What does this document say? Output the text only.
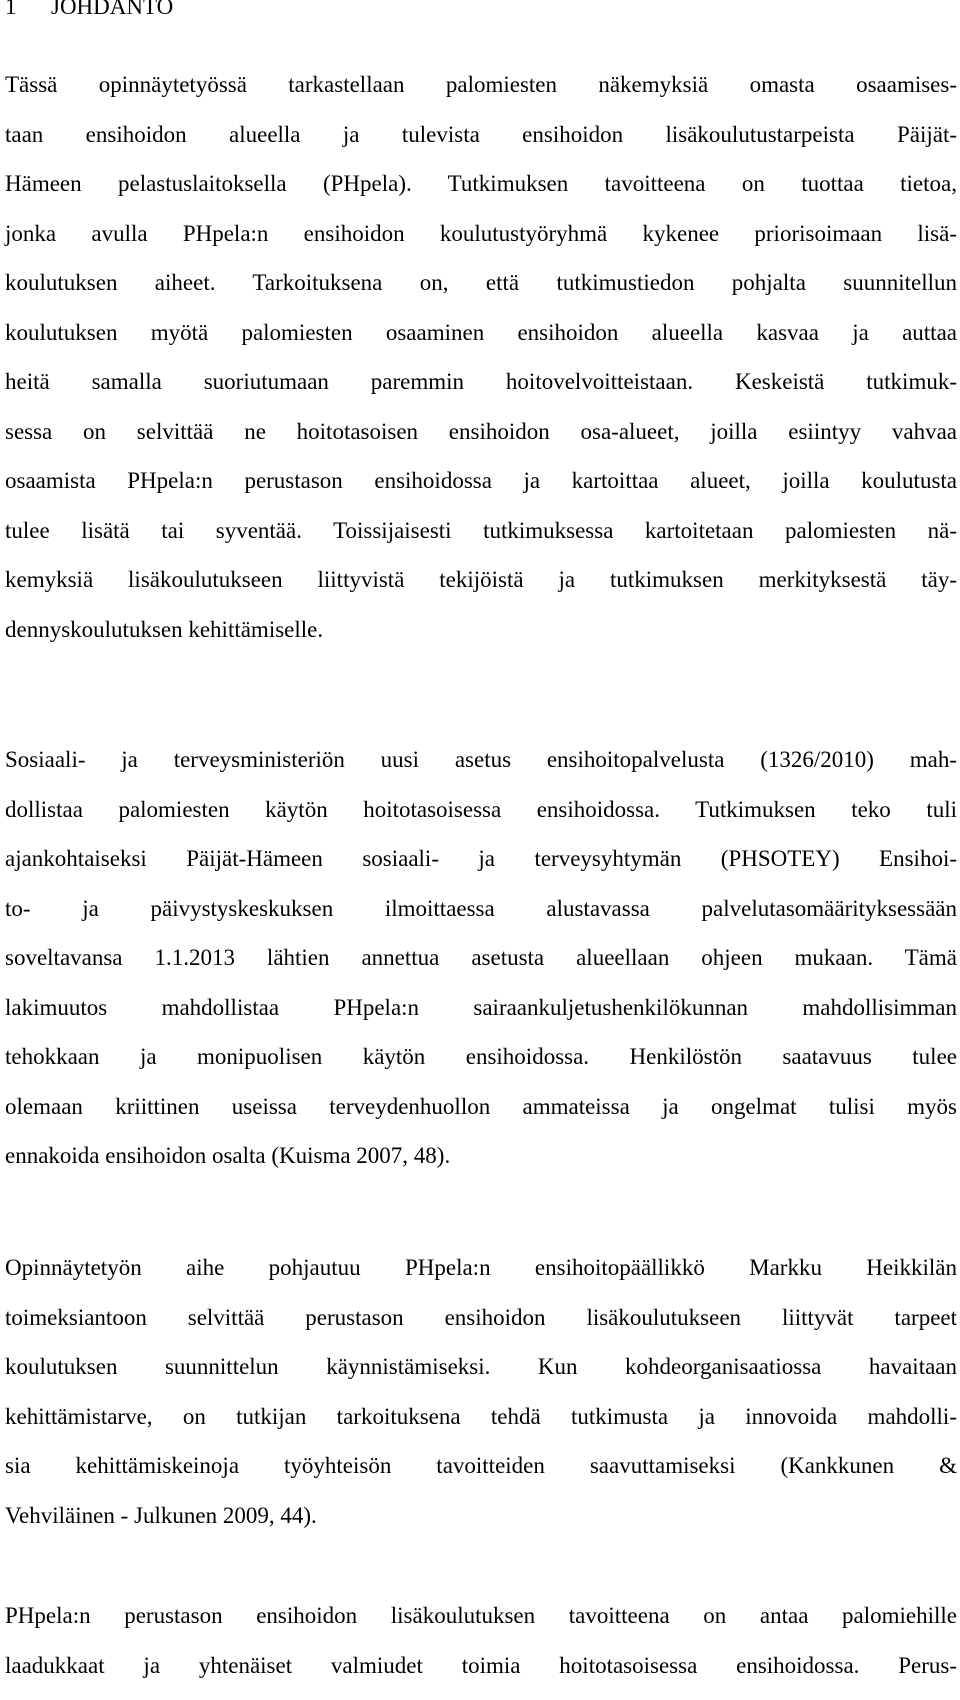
1 JOHDANTO
Tässä opinnäytetyössä tarkastellaan palomiesten näkemyksiä omasta osaamises-
taan ensihoidon alueella ja tulevista ensihoidon lisäkoulutustarpeista Päijät-
Hämeen pelastuslaitoksella (PHpela). Tutkimuksen tavoitteena on tuottaa tietoa,
jonka avulla PHpela:n ensihoidon koulutustyöryhmä kykenee priorisoimaan lisä-
koulutuksen aiheet. Tarkoituksena on, että tutkimustiedon pohjalta suunnitellun
koulutuksen myötä palomiesten osaaminen ensihoidon alueella kasvaa ja auttaa
heitä samalla suoriutumaan paremmin hoitovelvoitteistaan. Keskeistä tutkimuk-
sessa on selvittää ne hoitotasoisen ensihoidon osa-alueet, joilla esiintyy vahvaa
osaamista PHpela:n perustason ensihoidossa ja kartoittaa alueet, joilla koulutusta
tulee lisätä tai syventää. Toissijaisesti tutkimuksessa kartoitetaan palomiesten nä-
kemyksiä lisäkoulutukseen liittyvistä tekijöistä ja tutkimuksen merkityksestä täy-
dennyskoulutuksen kehittämiselle.
Sosiaali- ja terveysministeriön uusi asetus ensihoitopalvelusta (1326/2010) mah-
dollistaa palomiesten käytön hoitotasoisessa ensihoidossa. Tutkimuksen teko tuli
ajankohtaiseksi Päijät-Hämeen sosiaali- ja terveysyhtymän (PHSOTEY) Ensihoi-
to- ja päivystyskeskuksen ilmoittaessa alustavassa palvelutasomäärityksessään
soveltavansa 1.1.2013 lähtien annettua asetusta alueellaan ohjeen mukaan. Tämä
lakimuutos mahdollistaa PHpela:n sairaankuljetushenkilökunnan mahdollisimman
tehokkaan ja monipuolisen käytön ensihoidossa. Henkilöstön saatavuus tulee
olemaan kriittinen useissa terveydenhuollon ammateissa ja ongelmat tulisi myös
ennakoida ensihoidon osalta (Kuisma 2007, 48).
Opinnäytetyön aihe pohjautuu PHpela:n ensihoitopäällikkö Markku Heikkilän
toimeksiantoon selvittää perustason ensihoidon lisäkoulutukseen liittyvät tarpeet
koulutuksen suunnittelun käynnistämiseksi. Kun kohdeorganisaatiossa havaitaan
kehittämistarve, on tutkijan tarkoituksena tehdä tutkimusta ja innovoida mahdolli-
sia kehittämiskeinoja työyhteisön tavoitteiden saavuttamiseksi (Kankkunen &
Vehviläinen - Julkunen 2009, 44).
PHpela:n perustason ensihoidon lisäkoulutuksen tavoitteena on antaa palomiehille
laadukkaat ja yhtenäiset valmiudet toimia hoitotasoisessa ensihoidossa. Perus-
